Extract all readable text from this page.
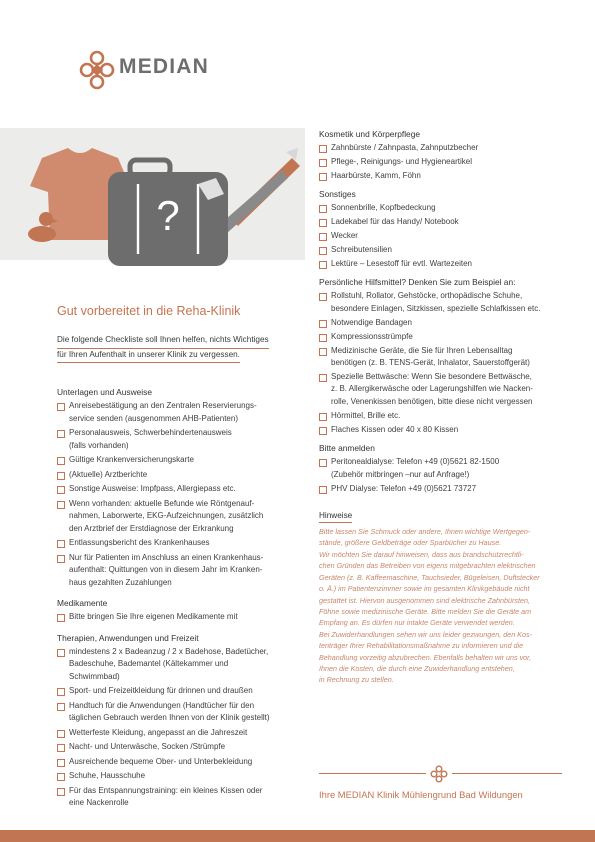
MEDIAN
?
Gut vorbereitet in die Reha-Klinik
Die folgende Checkliste soll Ihnen helfen, nichts Wichtiges
für Ihren Aufenthalt in unserer Klinik zu vergessen.
Unterlagen und Ausweise
Anreisebestätigung an den Zentralen Reservierungs-
service senden (ausgenommen AHB-Patienten)
Personalausweis, Schwerbehindertenausweis
(falls vorhanden)
Gültige Krankenversicherungskarte
(Aktuelle) Arztberichte
Sonstige Ausweise: Impfpass, Allergiepass etc.
Wenn vorhanden: aktuelle Befunde wie Röntgenauf-
nahmen, Laborwerte, EKG-Aufzeichnungen, zusätzlich
den Arztbrief der Erstdiagnose der Erkrankung
Entlassungsbericht des Krankenhauses
Nur für Patienten im Anschluss an einen Krankenhaus-
aufenthalt: Quittungen von in diesem Jahr im Kranken-
haus gezahlten Zuzahlungen
Medikamente
Bitte bringen Sie Ihre eigenen Medikamente mit
Therapien, Anwendungen und Freizeit
mindestens 2 x Badeanzug / 2 x Badehose, Badetücher,
Badeschuhe, Bademantel (Kältekammer und
Schwimmbad)
Sport- und Freizeitkleidung für drinnen und draußen
Handtuch für die Anwendungen (Handtücher für den
täglichen Gebrauch werden Ihnen von der Klinik gestellt)
Wetterfeste Kleidung, angepasst an die Jahreszeit
Nacht- und Unterwäsche, Socken /Strümpfe
Ausreichende bequeme Ober- und Unterbekleidung
Schuhe, Hausschuhe
Für das Entspannungstraining: ein kleines Kissen oder
eine Nackenrolle
Kosmetik und Körperpflege
Zahnbürste / Zahnpasta, Zahnputzbecher
Pflege-, Reinigungs- und Hygieneartikel
Haarbürste, Kamm, Föhn
Sonstiges
Sonnenbrille, Kopfbedeckung
Ladekabel für das Handy/ Notebook
Wecker
Schreibutensilien
Lektüre – Lesestoff für evtl. Wartezeiten
Persönliche Hilfsmittel? Denken Sie zum Beispiel an:
Rollstuhl, Rollator, Gehstöcke, orthopädische Schuhe,
besondere Einlagen, Sitzkissen, spezielle Schlafkissen etc.
Notwendige Bandagen
Kompressionsstrümpfe
Medizinische Geräte, die Sie für Ihren Lebensalltag
benötigen (z. B. TENS-Gerät, Inhalator, Sauerstoffgerät)
Spezielle Bettwäsche: Wenn Sie besondere Bettwäsche,
z. B. Allergikerwäsche oder Lagerungshilfen wie Nacken-
rolle, Venenkissen benötigen, bitte diese nicht vergessen
Hörmittel, Brille etc.
Flaches Kissen oder 40 x 80 Kissen
Bitte anmelden
Peritonealdialyse: Telefon +49 (0)5621 82-1500
(Zubehör mitbringen –nur auf Anfrage!)
PHV Dialyse: Telefon +49 (0)5621 73727
Hinweise
Bitte lassen Sie Schmuck oder andere, Ihnen wichtige Wertgegen-
stände, größere Geldbeträge oder Sparbücher zu Hause.
Wir möchten Sie darauf hinweisen, dass aus brandschutzrechtli-
chen Gründen das Betreiben von eigens mitgebrachten elektrischen
Geräten (z. B. Kaffeemaschine, Tauchsieder, Bügeleisen, Duftstecker
o. Ä.) im Patientenzimmer sowie im gesamten Klinikgebäude nicht
gestattet ist. Hiervon ausgenommen sind elektrische Zahnbürsten,
Föhne sowie medizinische Geräte. Bitte melden Sie die Geräte am
Empfang an. Es dürfen nur intakte Geräte verwendet werden.
Bei Zuwiderhandlungen sehen wir uns leider gezwungen, den Kos-
tenträger Ihrer Rehabilitationsmaßnahme zu informieren und die
Behandlung vorzeitig abzubrechen. Ebenfalls behalten wir uns vor,
Ihnen die Kosten, die durch eine Zuwiderhandlung entstehen,
in Rechnung zu stellen.
Ihre MEDIAN Klinik Mühlengrund Bad Wildungen
